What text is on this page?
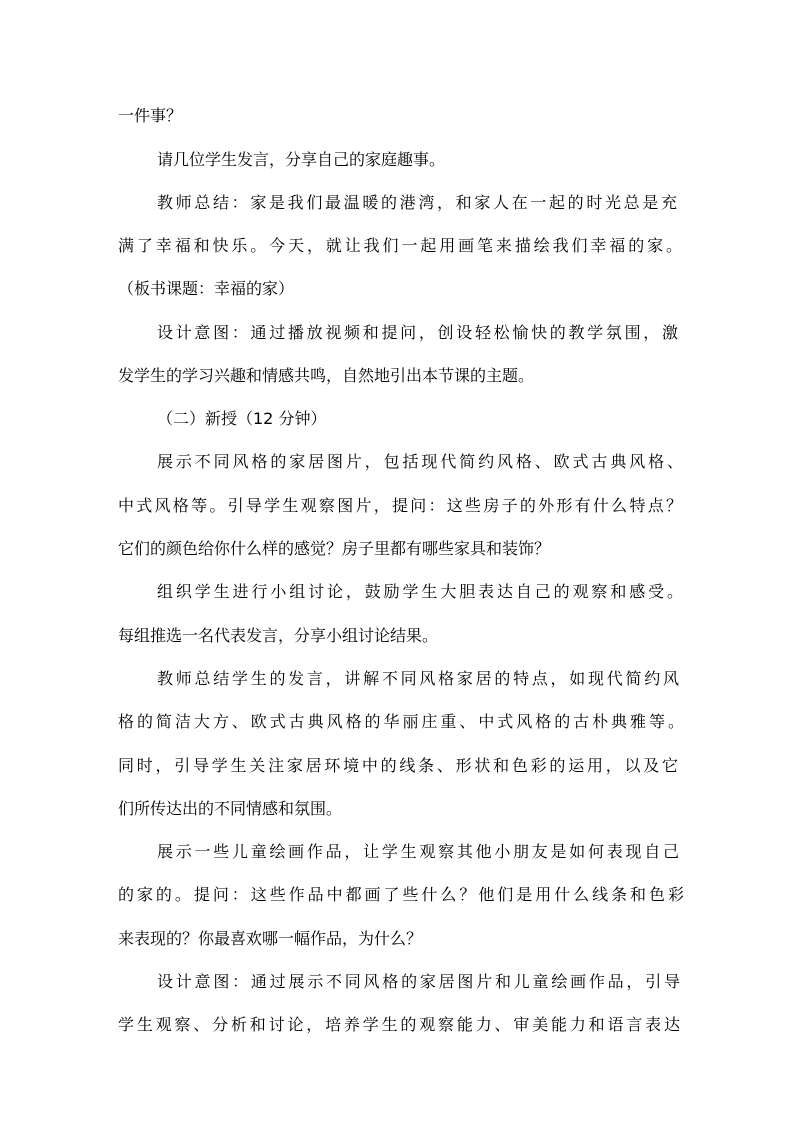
一件事？
请几位学生发言，分享自己的家庭趣事。
教师总结：家是我们最温暖的港湾，和家人在一起的时光总是充
满了幸福和快乐。今天，就让我们一起用画笔来描绘我们幸福的家。
（板书课题：幸福的家）
设计意图：通过播放视频和提问，创设轻松愉快的教学氛围，激
发学生的学习兴趣和情感共鸣，自然地引出本节课的主题。
（二）新授（12 分钟）
展示不同风格的家居图片，包括现代简约风格、欧式古典风格、
中式风格等。引导学生观察图片，提问：这些房子的外形有什么特点？
它们的颜色给你什么样的感觉？房子里都有哪些家具和装饰？
组织学生进行小组讨论，鼓励学生大胆表达自己的观察和感受。
每组推选一名代表发言，分享小组讨论结果。
教师总结学生的发言，讲解不同风格家居的特点，如现代简约风
格的简洁大方、欧式古典风格的华丽庄重、中式风格的古朴典雅等。
同时，引导学生关注家居环境中的线条、形状和色彩的运用，以及它
们所传达出的不同情感和氛围。
展示一些儿童绘画作品，让学生观察其他小朋友是如何表现自己
的家的。提问：这些作品中都画了些什么？他们是用什么线条和色彩
来表现的？你最喜欢哪一幅作品，为什么？
设计意图：通过展示不同风格的家居图片和儿童绘画作品，引导
学生观察、分析和讨论，培养学生的观察能力、审美能力和语言表达
